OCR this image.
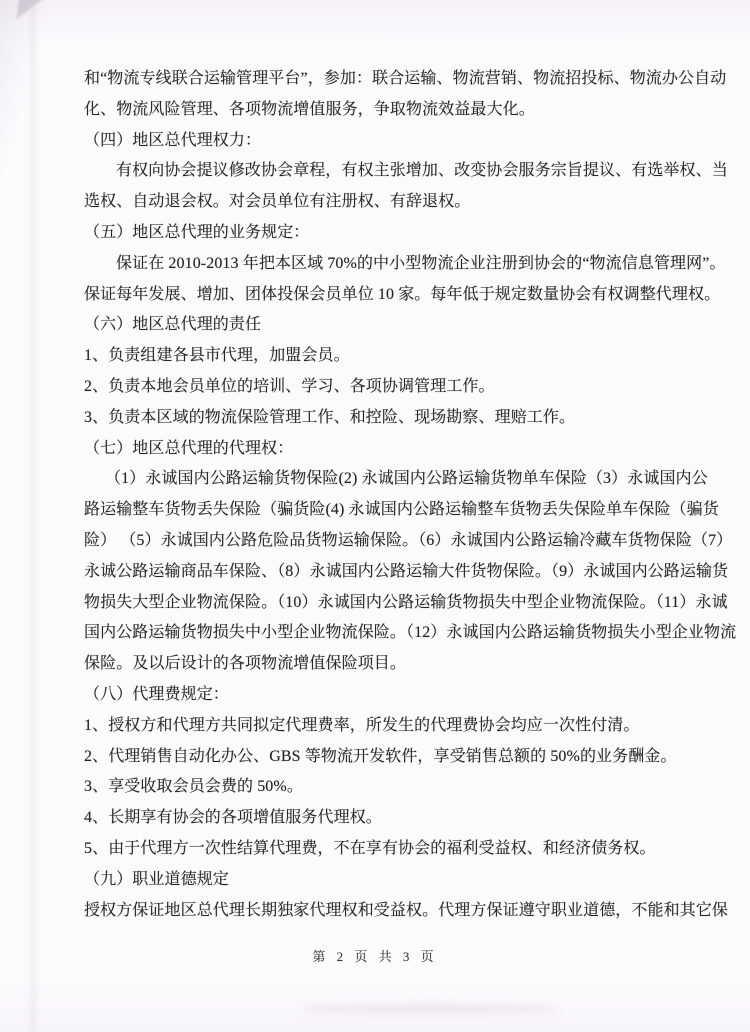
和“物流专线联合运输管理平台”，参加：联合运输、物流营销、物流招投标、物流办公自动
化、物流风险管理、各项物流增值服务，争取物流效益最大化。
（四）地区总代理权力：
有权向协会提议修改协会章程，有权主张增加、改变协会服务宗旨提议、有选举权、当
选权、自动退会权。对会员单位有注册权、有辞退权。
（五）地区总代理的业务规定：
保证在 2010-2013 年把本区域 70%的中小型物流企业注册到协会的“物流信息管理网”。
保证每年发展、增加、团体投保会员单位 10 家。每年低于规定数量协会有权调整代理权。
（六）地区总代理的责任
1、负责组建各县市代理，加盟会员。
2、负责本地会员单位的培训、学习、各项协调管理工作。
3、负责本区域的物流保险管理工作、和控险、现场勘察、理赔工作。
（七）地区总代理的代理权：
（1）永诚国内公路运输货物保险(2) 永诚国内公路运输货物单车保险（3）永诚国内公
路运输整车货物丢失保险（骗货险(4) 永诚国内公路运输整车货物丢失保险单车保险（骗货
险） （5）永诚国内公路危险品货物运输保险。（6）永诚国内公路运输冷藏车货物保险（7）
永诚公路运输商品车保险、（8）永诚国内公路运输大件货物保险。（9）永诚国内公路运输货
物损失大型企业物流保险。（10）永诚国内公路运输货物损失中型企业物流保险。（11）永诚
国内公路运输货物损失中小型企业物流保险。（12）永诚国内公路运输货物损失小型企业物流
保险。及以后设计的各项物流增值保险项目。
（八）代理费规定：
1、授权方和代理方共同拟定代理费率，所发生的代理费协会均应一次性付清。
2、代理销售自动化办公、GBS 等物流开发软件，享受销售总额的 50%的业务酬金。
3、享受收取会员会费的 50%。
4、长期享有协会的各项增值服务代理权。
5、由于代理方一次性结算代理费，不在享有协会的福利受益权、和经济债务权。
（九）职业道德规定
授权方保证地区总代理长期独家代理权和受益权。代理方保证遵守职业道德，不能和其它保
第 2 页 共 3 页
